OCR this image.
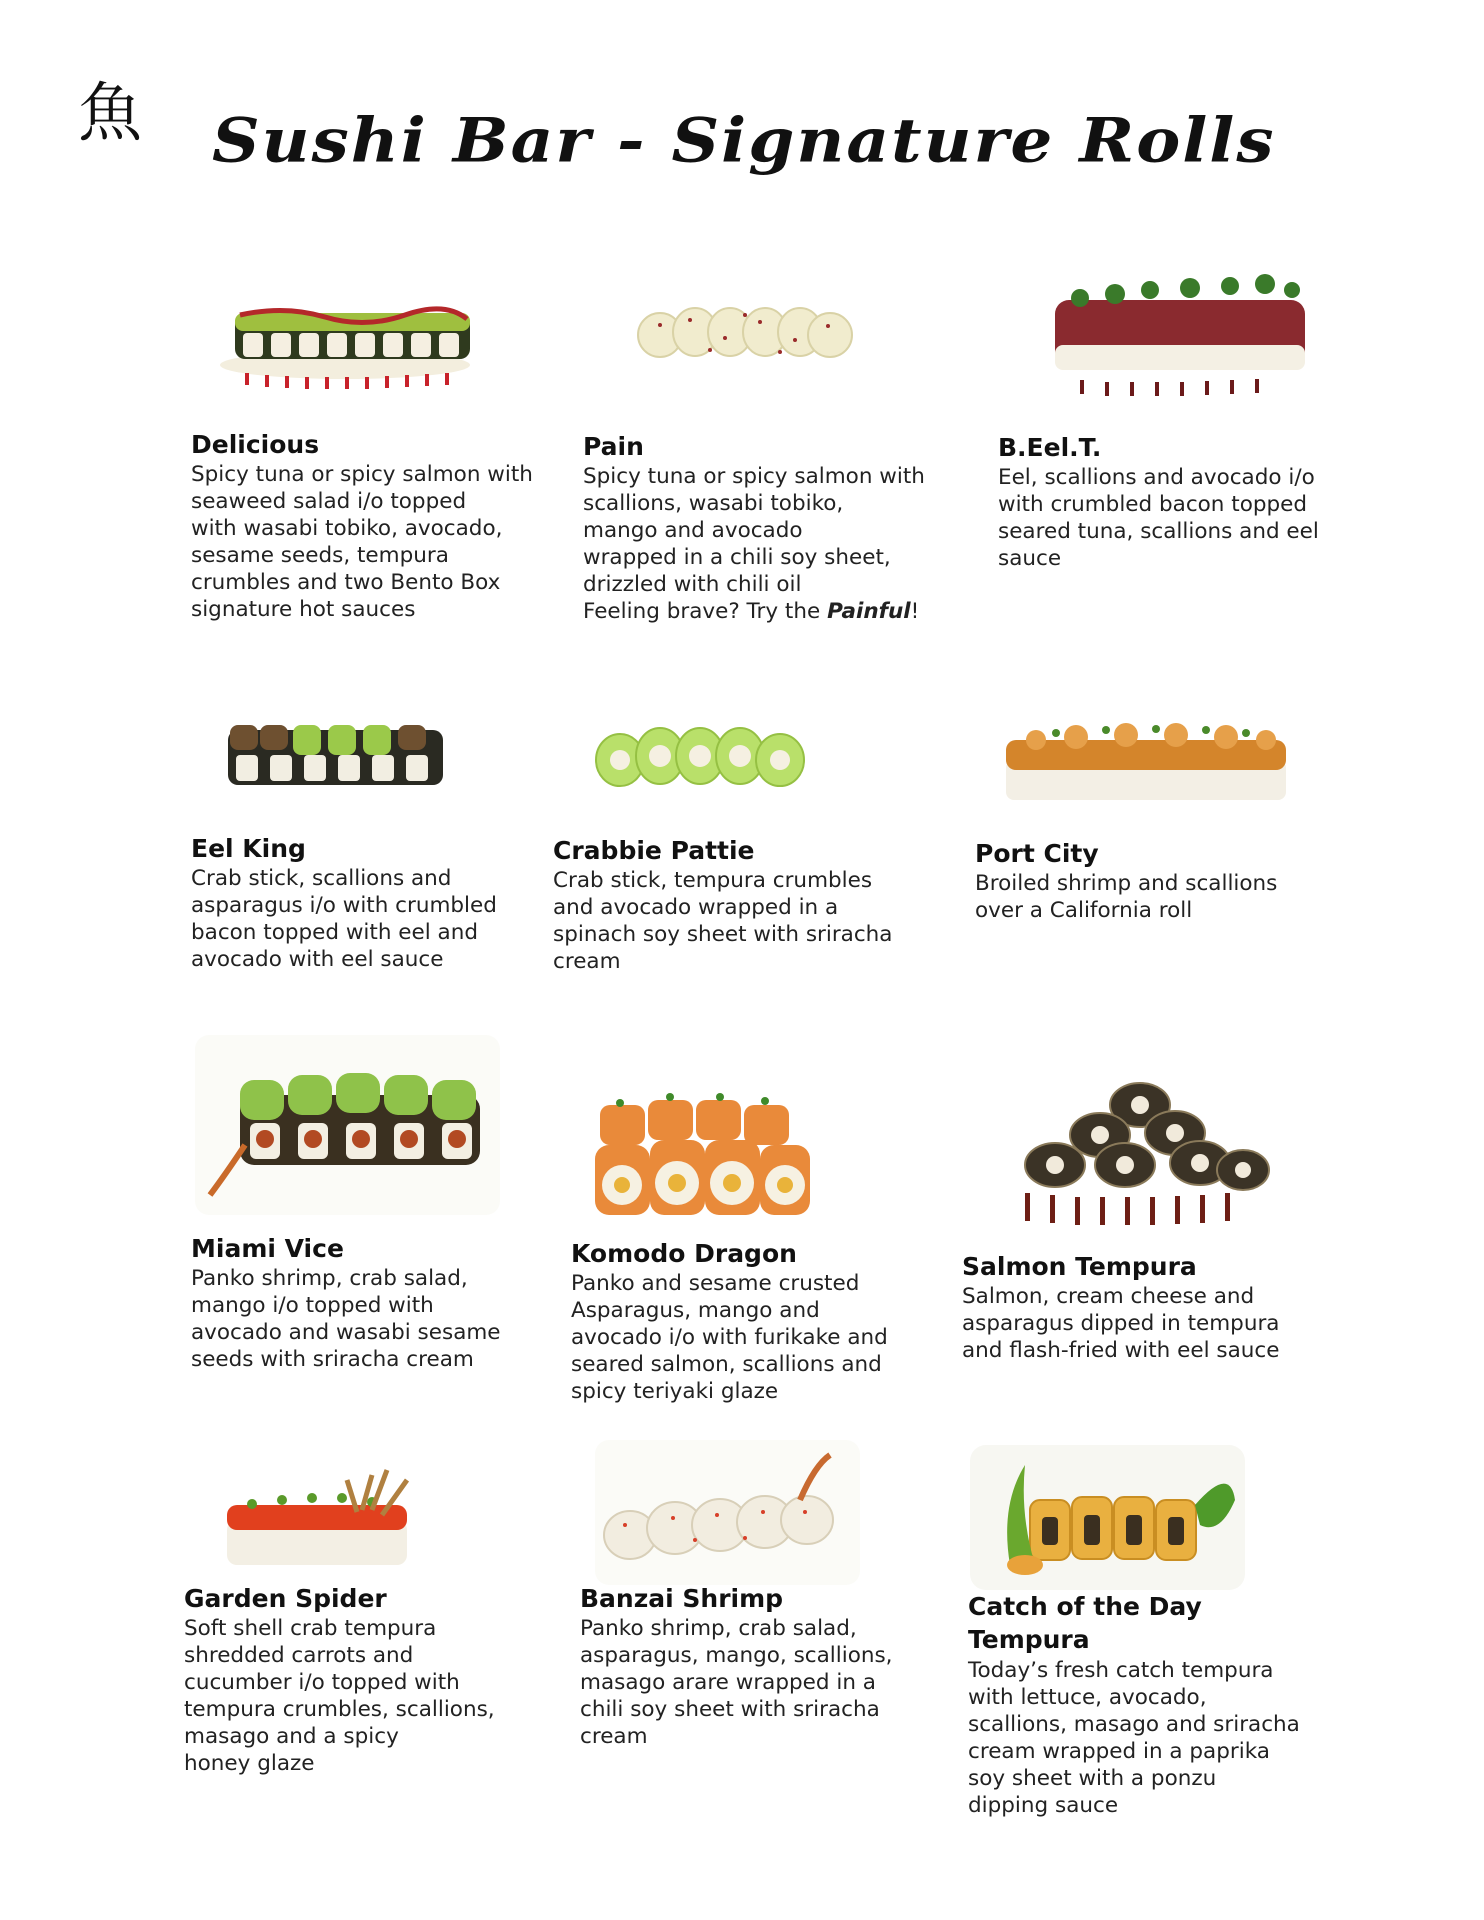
魚 Sushi Bar - Signature Rolls
Delicious
Spicy tuna or spicy salmon with
seaweed salad i/o topped
with wasabi tobiko, avocado,
sesame seeds, tempura
crumbles and two Bento Box
signature hot sauces
Pain
Spicy tuna or spicy salmon with
scallions, wasabi tobiko,
mango and avocado
wrapped in a chili soy sheet,
drizzled with chili oil
Feeling brave? Try the Painful!
B.Eel.T.
Eel, scallions and avocado i/o
with crumbled bacon topped
seared tuna, scallions and eel
sauce
Eel King
Crab stick, scallions and
asparagus i/o with crumbled
bacon topped with eel and
avocado with eel sauce
Crabbie Pattie
Crab stick, tempura crumbles
and avocado wrapped in a
spinach soy sheet with sriracha
cream
Port City
Broiled shrimp and scallions
over a California roll
Miami Vice
Panko shrimp, crab salad,
mango i/o topped with
avocado and wasabi sesame
seeds with sriracha cream
Komodo Dragon
Panko and sesame crusted
Asparagus, mango and
avocado i/o with furikake and
seared salmon, scallions and
spicy teriyaki glaze
Salmon Tempura
Salmon, cream cheese and
asparagus dipped in tempura
and flash-fried with eel sauce
Garden Spider
Soft shell crab tempura
shredded carrots and
cucumber i/o topped with
tempura crumbles, scallions,
masago and a spicy
honey glaze
Banzai Shrimp
Panko shrimp, crab salad,
asparagus, mango, scallions,
masago arare wrapped in a
chili soy sheet with sriracha
cream
Catch of the Day
Tempura
Today’s fresh catch tempura
with lettuce, avocado,
scallions, masago and sriracha
cream wrapped in a paprika
soy sheet with a ponzu
dipping sauce
